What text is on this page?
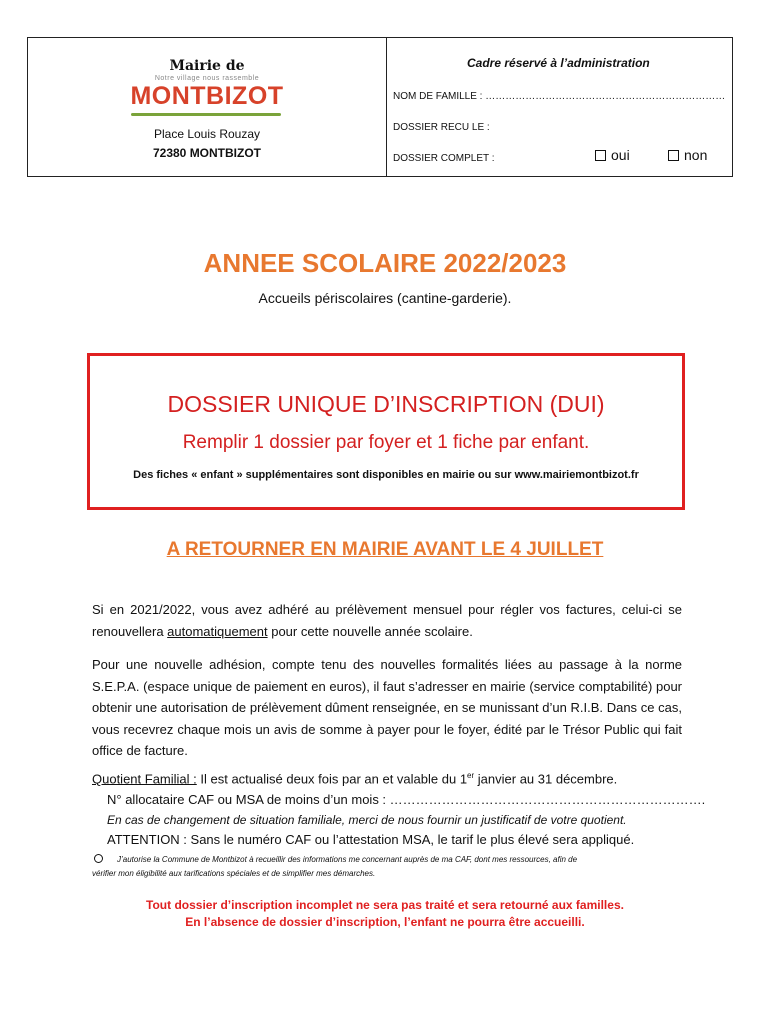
Mairie de
Notre village nous rassemble
MONTBIZOT
Place Louis Rouzay
72380 MONTBIZOT
Cadre réservé à l’administration
NOM DE FAMILLE : ………………………………………………………………
DOSSIER RECU LE :
DOSSIER COMPLET :	oui	non
ANNEE SCOLAIRE 2022/2023
Accueils périscolaires (cantine-garderie).
DOSSIER UNIQUE D’INSCRIPTION (DUI)
Remplir 1 dossier par foyer et 1 fiche par enfant.
Des fiches « enfant » supplémentaires sont disponibles en mairie ou sur www.mairiemontbizot.fr
A RETOURNER EN MAIRIE AVANT LE 4 JUILLET
Si en 2021/2022, vous avez adhéré au prélèvement mensuel pour régler vos factures, celui-ci se renouvellera automatiquement pour cette nouvelle année scolaire.
Pour une nouvelle adhésion, compte tenu des nouvelles formalités liées au passage à la norme S.E.P.A. (espace unique de paiement en euros), il faut s’adresser en mairie (service comptabilité) pour obtenir une autorisation de prélèvement dûment renseignée, en se munissant d’un R.I.B. Dans ce cas, vous recevrez chaque mois un avis de somme à payer pour le foyer, édité par le Trésor Public qui fait office de facture.
Quotient Familial : Il est actualisé deux fois par an et valable du 1er janvier au 31 décembre.
N° allocataire CAF ou MSA de moins d’un mois : ……………………………………………………………….
En cas de changement de situation familiale, merci de nous fournir un justificatif de votre quotient.
ATTENTION : Sans le numéro CAF ou l’attestation MSA, le tarif le plus élevé sera appliqué.
J’autorise la Commune de Montbizot à recueillir des informations me concernant auprès de ma CAF, dont mes ressources, afin de
vérifier mon éligibilité aux tarifications spéciales et de simplifier mes démarches.
Tout dossier d’inscription incomplet ne sera pas traité et sera retourné aux familles.
En l’absence de dossier d’inscription, l’enfant ne pourra être accueilli.
